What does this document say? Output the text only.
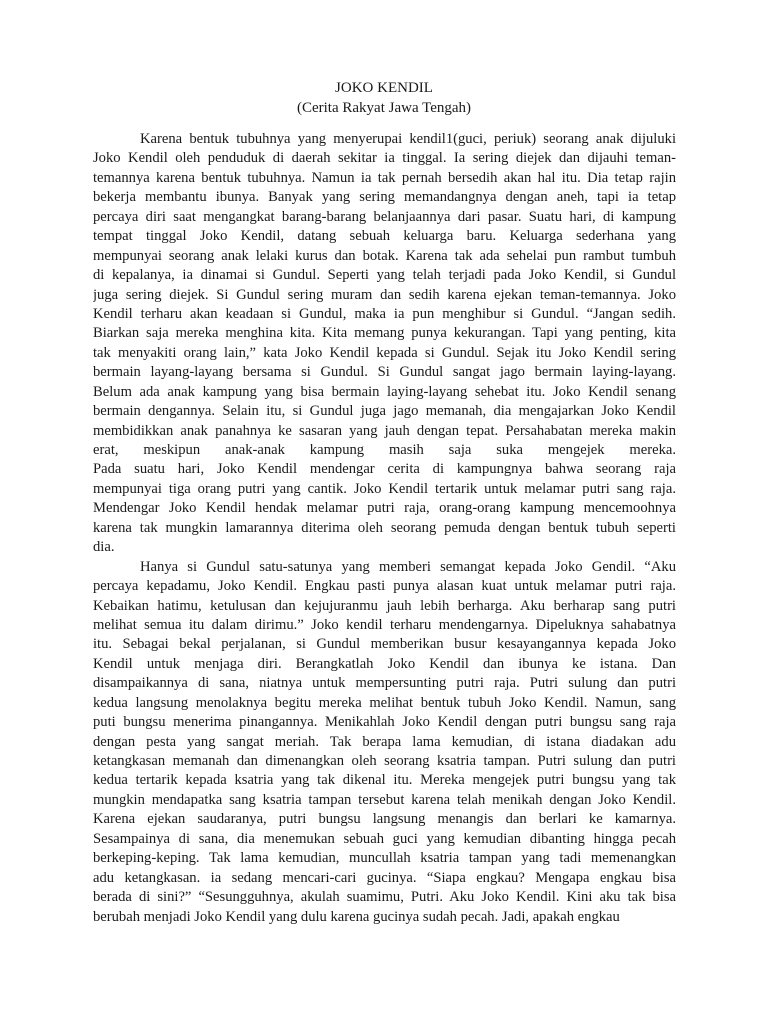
JOKO KENDIL
(Cerita Rakyat Jawa Tengah)
Karena bentuk tubuhnya yang menyerupai kendil1(guci, periuk) seorang anak dijuluki
Joko Kendil oleh penduduk di daerah sekitar ia tinggal. Ia sering diejek dan dijauhi teman-
temannya karena bentuk tubuhnya. Namun ia tak pernah bersedih akan hal itu. Dia tetap rajin
bekerja membantu ibunya. Banyak yang sering memandangnya dengan aneh, tapi ia tetap
percaya diri saat mengangkat barang-barang belanjaannya dari pasar. Suatu hari, di kampung
tempat tinggal Joko Kendil, datang sebuah keluarga baru. Keluarga sederhana yang
mempunyai seorang anak lelaki kurus dan botak. Karena tak ada sehelai pun rambut tumbuh
di kepalanya, ia dinamai si Gundul. Seperti yang telah terjadi pada Joko Kendil, si Gundul
juga sering diejek. Si Gundul sering muram dan sedih karena ejekan teman-temannya. Joko
Kendil terharu akan keadaan si Gundul, maka ia pun menghibur si Gundul. “Jangan sedih.
Biarkan saja mereka menghina kita. Kita memang punya kekurangan. Tapi yang penting, kita
tak menyakiti orang lain,” kata Joko Kendil kepada si Gundul. Sejak itu Joko Kendil sering
bermain layang-layang bersama si Gundul. Si Gundul sangat jago bermain laying-layang.
Belum ada anak kampung yang bisa bermain laying-layang sehebat itu. Joko Kendil senang
bermain dengannya. Selain itu, si Gundul juga jago memanah, dia mengajarkan Joko Kendil
membidikkan anak panahnya ke sasaran yang jauh dengan tepat. Persahabatan mereka makin
erat, meskipun anak-anak kampung masih saja suka mengejek mereka.
Pada suatu hari, Joko Kendil mendengar cerita di kampungnya bahwa seorang raja
mempunyai tiga orang putri yang cantik. Joko Kendil tertarik untuk melamar putri sang raja.
Mendengar Joko Kendil hendak melamar putri raja, orang-orang kampung mencemoohnya
karena tak mungkin lamarannya diterima oleh seorang pemuda dengan bentuk tubuh seperti
dia.
Hanya si Gundul satu-satunya yang memberi semangat kepada Joko Gendil. “Aku
percaya kepadamu, Joko Kendil. Engkau pasti punya alasan kuat untuk melamar putri raja.
Kebaikan hatimu, ketulusan dan kejujuranmu jauh lebih berharga. Aku berharap sang putri
melihat semua itu dalam dirimu.” Joko kendil terharu mendengarnya. Dipeluknya sahabatnya
itu. Sebagai bekal perjalanan, si Gundul memberikan busur kesayangannya kepada Joko
Kendil untuk menjaga diri. Berangkatlah Joko Kendil dan ibunya ke istana. Dan
disampaikannya di sana, niatnya untuk mempersunting putri raja. Putri sulung dan putri
kedua langsung menolaknya begitu mereka melihat bentuk tubuh Joko Kendil. Namun, sang
puti bungsu menerima pinangannya. Menikahlah Joko Kendil dengan putri bungsu sang raja
dengan pesta yang sangat meriah. Tak berapa lama kemudian, di istana diadakan adu
ketangkasan memanah dan dimenangkan oleh seorang ksatria tampan. Putri sulung dan putri
kedua tertarik kepada ksatria yang tak dikenal itu. Mereka mengejek putri bungsu yang tak
mungkin mendapatka sang ksatria tampan tersebut karena telah menikah dengan Joko Kendil.
Karena ejekan saudaranya, putri bungsu langsung menangis dan berlari ke kamarnya.
Sesampainya di sana, dia menemukan sebuah guci yang kemudian dibanting hingga pecah
berkeping-keping. Tak lama kemudian, muncullah ksatria tampan yang tadi memenangkan
adu ketangkasan. ia sedang mencari-cari gucinya. “Siapa engkau? Mengapa engkau bisa
berada di sini?” “Sesungguhnya, akulah suamimu, Putri. Aku Joko Kendil. Kini aku tak bisa
berubah menjadi Joko Kendil yang dulu karena gucinya sudah pecah. Jadi, apakah engkau
